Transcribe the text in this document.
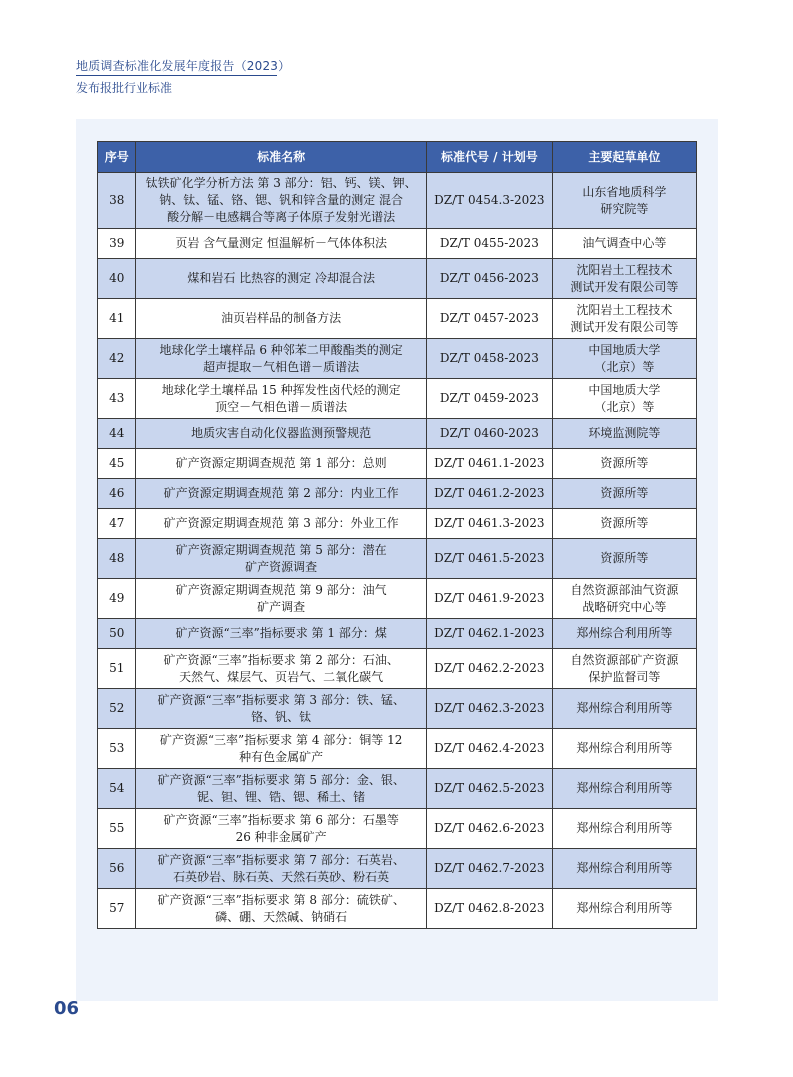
地质调查标准化发展年度报告（2023）
发布报批行业标准
序号	标准名称	标准代号 / 计划号	主要起草单位
38	钛铁矿化学分析方法 第 3 部分：铝、钙、镁、钾、
钠、钛、锰、铬、锶、钒和锌含量的测定 混合
酸分解－电感耦合等离子体原子发射光谱法	DZ/T 0454.3-2023	山东省地质科学
研究院等
39	页岩 含气量测定 恒温解析－气体体积法	DZ/T 0455-2023	油气调查中心等
40	煤和岩石 比热容的测定 冷却混合法	DZ/T 0456-2023	沈阳岩土工程技术
测试开发有限公司等
41	油页岩样品的制备方法	DZ/T 0457-2023	沈阳岩土工程技术
测试开发有限公司等
42	地球化学土壤样品 6 种邻苯二甲酸酯类的测定
超声提取－气相色谱－质谱法	DZ/T 0458-2023	中国地质大学
（北京）等
43	地球化学土壤样品 15 种挥发性卤代烃的测定
顶空－气相色谱－质谱法	DZ/T 0459-2023	中国地质大学
（北京）等
44	地质灾害自动化仪器监测预警规范	DZ/T 0460-2023	环境监测院等
45	矿产资源定期调查规范 第 1 部分：总则	DZ/T 0461.1-2023	资源所等
46	矿产资源定期调查规范 第 2 部分：内业工作	DZ/T 0461.2-2023	资源所等
47	矿产资源定期调查规范 第 3 部分：外业工作	DZ/T 0461.3-2023	资源所等
48	矿产资源定期调查规范 第 5 部分：潜在
矿产资源调查	DZ/T 0461.5-2023	资源所等
49	矿产资源定期调查规范 第 9 部分：油气
矿产调查	DZ/T 0461.9-2023	自然资源部油气资源
战略研究中心等
50	矿产资源“三率”指标要求 第 1 部分：煤	DZ/T 0462.1-2023	郑州综合利用所等
51	矿产资源“三率”指标要求 第 2 部分：石油、
天然气、煤层气、页岩气、二氧化碳气	DZ/T 0462.2-2023	自然资源部矿产资源
保护监督司等
52	矿产资源“三率”指标要求 第 3 部分：铁、锰、
铬、钒、钛	DZ/T 0462.3-2023	郑州综合利用所等
53	矿产资源“三率”指标要求 第 4 部分：铜等 12
种有色金属矿产	DZ/T 0462.4-2023	郑州综合利用所等
54	矿产资源“三率”指标要求 第 5 部分：金、银、
铌、钽、锂、锆、锶、稀土、锗	DZ/T 0462.5-2023	郑州综合利用所等
55	矿产资源“三率”指标要求 第 6 部分：石墨等
26 种非金属矿产	DZ/T 0462.6-2023	郑州综合利用所等
56	矿产资源“三率”指标要求 第 7 部分：石英岩、
石英砂岩、脉石英、天然石英砂、粉石英	DZ/T 0462.7-2023	郑州综合利用所等
57	矿产资源“三率”指标要求 第 8 部分：硫铁矿、
磷、硼、天然碱、钠硝石	DZ/T 0462.8-2023	郑州综合利用所等
06
